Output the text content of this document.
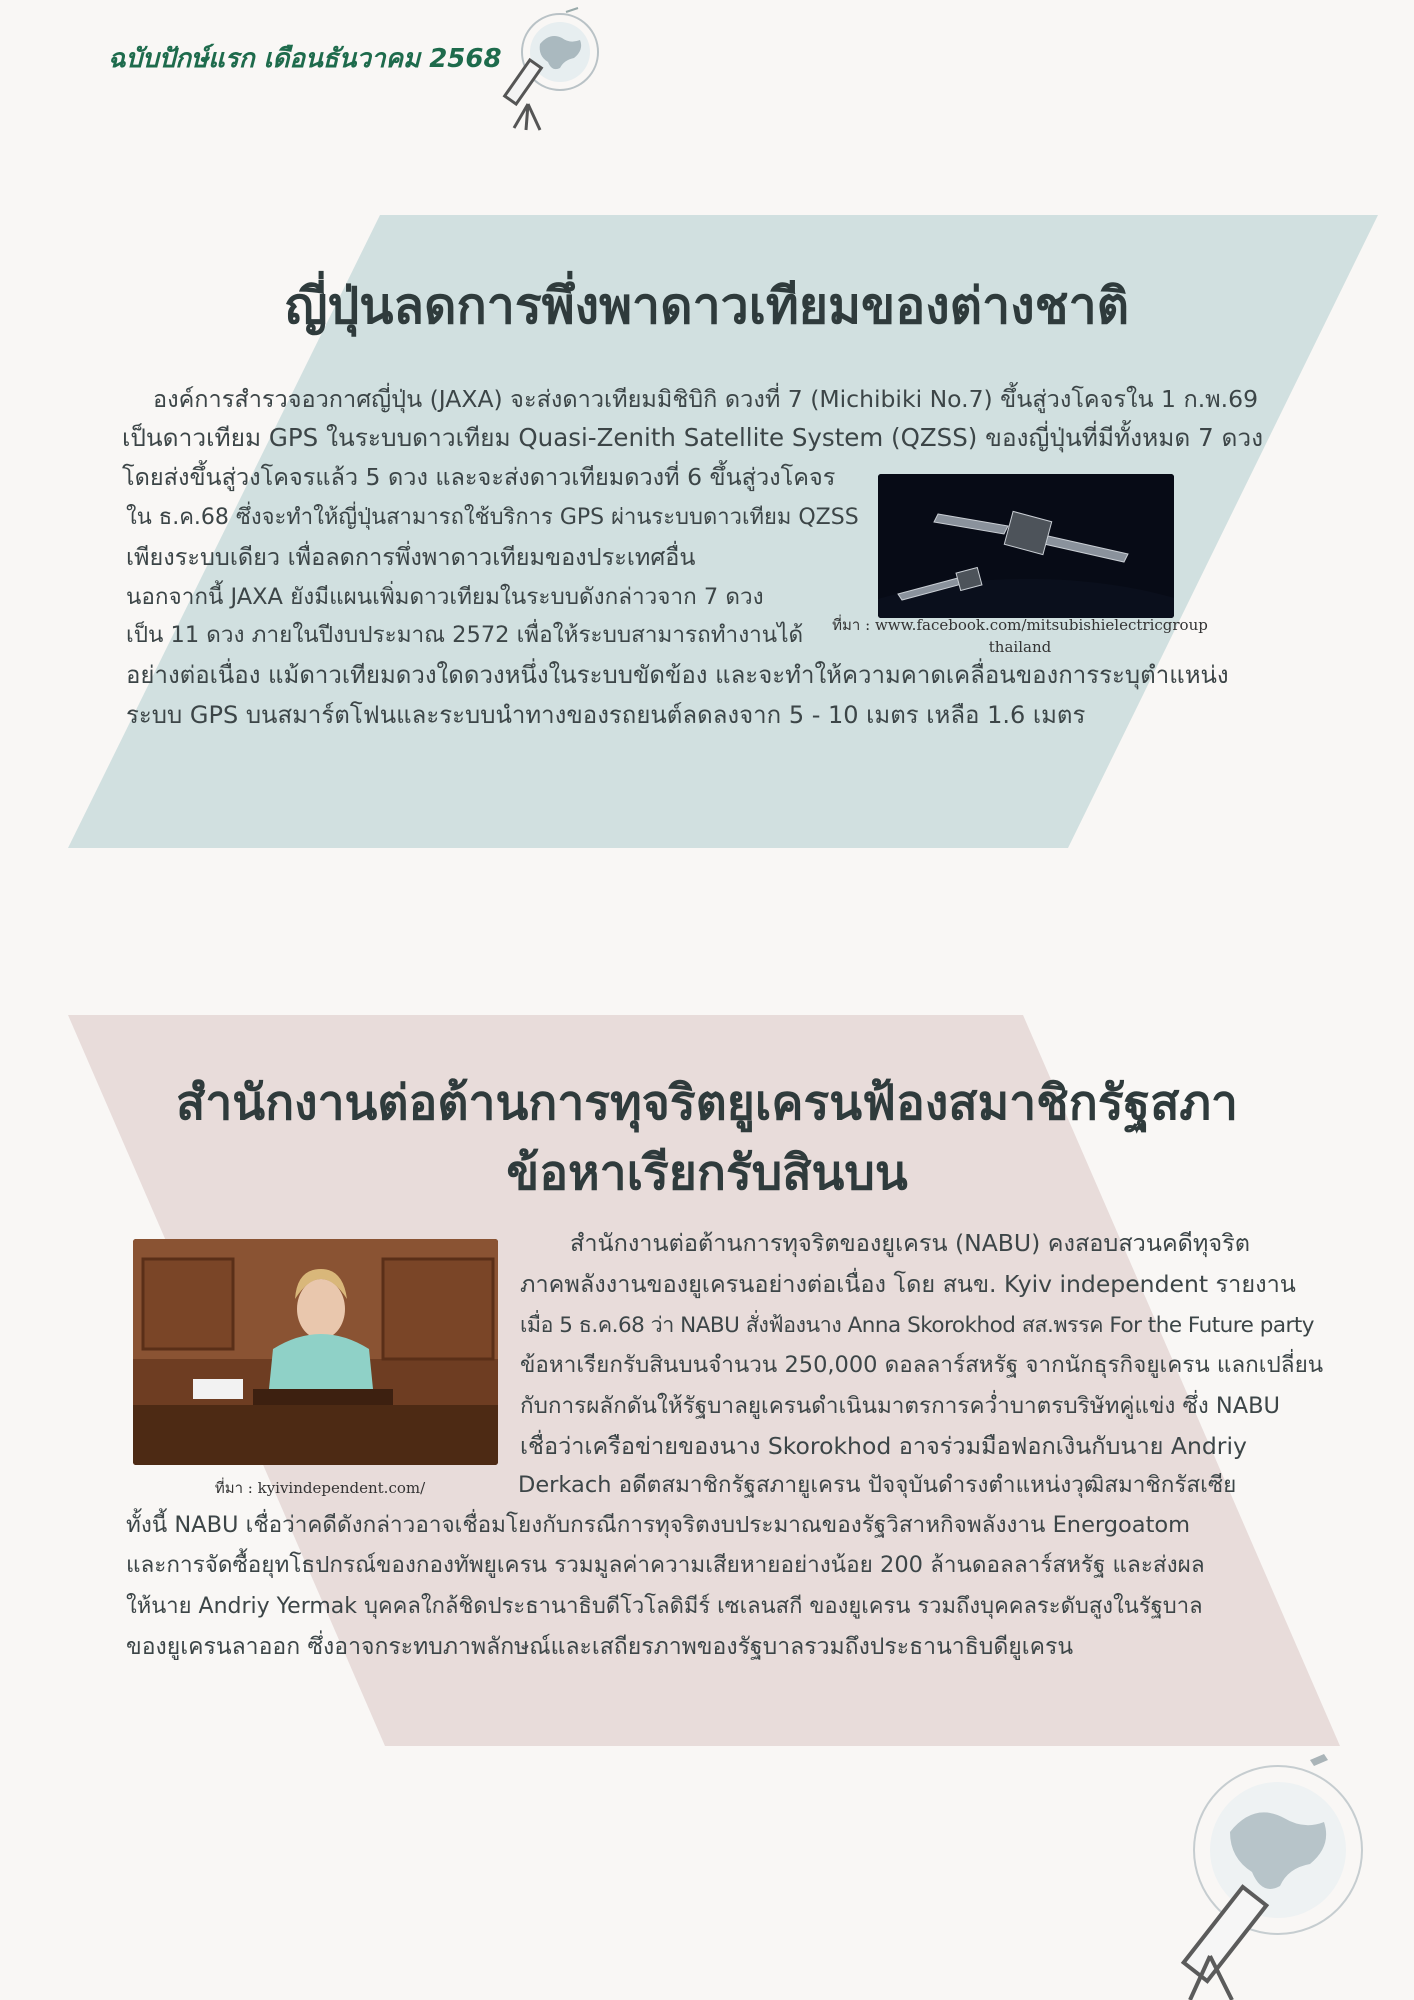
ฉบับปักษ์แรก เดือนธันวาคม 2568
ญี่ปุ่นลดการพึ่งพาดาวเทียมของต่างชาติ
องค์การสำรวจอวกาศญี่ปุ่น (JAXA) จะส่งดาวเทียมมิชิบิกิ ดวงที่ 7 (Michibiki No.7) ขึ้นสู่วงโคจรใน 1 ก.พ.69
เป็นดาวเทียม GPS ในระบบดาวเทียม Quasi-Zenith Satellite System (QZSS) ของญี่ปุ่นที่มีทั้งหมด 7 ดวง
โดยส่งขึ้นสู่วงโคจรแล้ว 5 ดวง และจะส่งดาวเทียมดวงที่ 6 ขึ้นสู่วงโคจร
ใน ธ.ค.68 ซึ่งจะทำให้ญี่ปุ่นสามารถใช้บริการ GPS ผ่านระบบดาวเทียม QZSS
เพียงระบบเดียว เพื่อลดการพึ่งพาดาวเทียมของประเทศอื่น
นอกจากนี้ JAXA ยังมีแผนเพิ่มดาวเทียมในระบบดังกล่าวจาก 7 ดวง
เป็น 11 ดวง ภายในปีงบประมาณ 2572 เพื่อให้ระบบสามารถทำงานได้
อย่างต่อเนื่อง แม้ดาวเทียมดวงใดดวงหนึ่งในระบบขัดข้อง และจะทำให้ความคาดเคลื่อนของการระบุตำแหน่ง
ระบบ GPS บนสมาร์ตโฟนและระบบนำทางของรถยนต์ลดลงจาก 5 - 10 เมตร เหลือ 1.6 เมตร
ที่มา : www.facebook.com/mitsubishielectricgroup
thailand
สำนักงานต่อต้านการทุจริตยูเครนฟ้องสมาชิกรัฐสภา
ข้อหาเรียกรับสินบน
ที่มา : kyivindependent.com/
สำนักงานต่อต้านการทุจริตของยูเครน (NABU) คงสอบสวนคดีทุจริต
ภาคพลังงานของยูเครนอย่างต่อเนื่อง โดย สนข. Kyiv independent รายงาน
เมื่อ 5 ธ.ค.68 ว่า NABU สั่งฟ้องนาง Anna Skorokhod สส.พรรค For the Future party
ข้อหาเรียกรับสินบนจำนวน 250,000 ดอลลาร์สหรัฐ จากนักธุรกิจยูเครน แลกเปลี่ยน
กับการผลักดันให้รัฐบาลยูเครนดำเนินมาตรการคว่ำบาตรบริษัทคู่แข่ง ซึ่ง NABU
เชื่อว่าเครือข่ายของนาง Skorokhod อาจร่วมมือฟอกเงินกับนาย Andriy
Derkach อดีตสมาชิกรัฐสภายูเครน ปัจจุบันดำรงตำแหน่งวุฒิสมาชิกรัสเซีย
ทั้งนี้ NABU เชื่อว่าคดีดังกล่าวอาจเชื่อมโยงกับกรณีการทุจริตงบประมาณของรัฐวิสาหกิจพลังงาน Energoatom
และการจัดซื้อยุทโธปกรณ์ของกองทัพยูเครน รวมมูลค่าความเสียหายอย่างน้อย 200 ล้านดอลลาร์สหรัฐ และส่งผล
ให้นาย Andriy Yermak บุคคลใกล้ชิดประธานาธิบดีโวโลดิมีร์ เซเลนสกี ของยูเครน รวมถึงบุคคลระดับสูงในรัฐบาล
ของยูเครนลาออก ซึ่งอาจกระทบภาพลักษณ์และเสถียรภาพของรัฐบาลรวมถึงประธานาธิบดียูเครน
